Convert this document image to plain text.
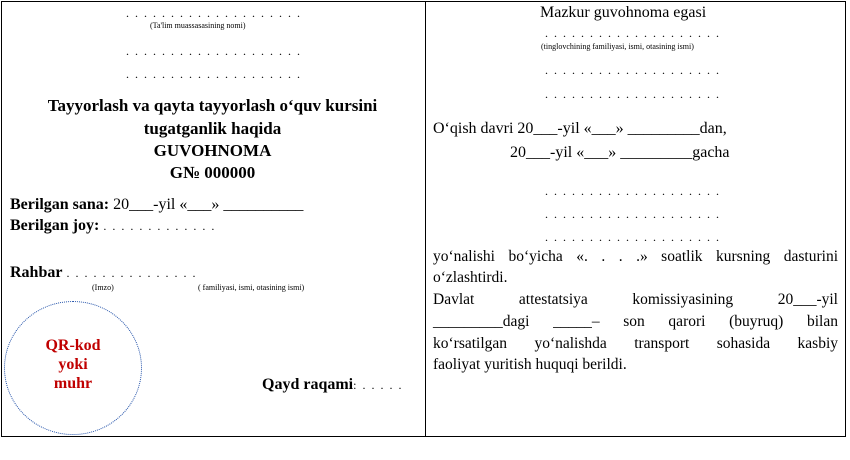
. . . . . . . . . . . . . . . . . . . .
(Ta'lim muassasasining nomi)
. . . . . . . . . . . . . . . . . . . .
. . . . . . . . . . . . . . . . . . . .
Tayyorlash va qayta tayyorlash o‘quv kursini
tugatganlik haqida
GUVOHNOMA
G№ 000000
Berilgan sana: 20___-yil «___» __________
Berilgan joy: . . . . . . . . . . . . .
Rahbar . . . . . . . . . . . . . . .
(Imzo)	( familiyasi, ismi, otasining ismi)
QR-kod
yoki
muhr	Qayd raqami: . . . . .
Mazkur guvohnoma egasi
. . . . . . . . . . . . . . . . . . . .
(tinglovchining familiyasi, ismi, otasining ismi)
. . . . . . . . . . . . . . . . . . . .
. . . . . . . . . . . . . . . . . . . .
O‘qish davri 20___-yil «___» _________dan,
20___-yil «___» _________gacha
. . . . . . . . . . . . . . . . . . . .
. . . . . . . . . . . . . . . . . . . .
. . . . . . . . . . . . . . . . . . . .
yo‘nalishi bo‘yicha «. . . .» soatlik kursning dasturini
o‘zlashtirdi.
Davlat attestatsiya komissiyasining 20___-yil
_________dagi _____– son qarori (buyruq) bilan
ko‘rsatilgan yo‘nalishda transport sohasida kasbiy
faoliyat yuritish huquqi berildi.
